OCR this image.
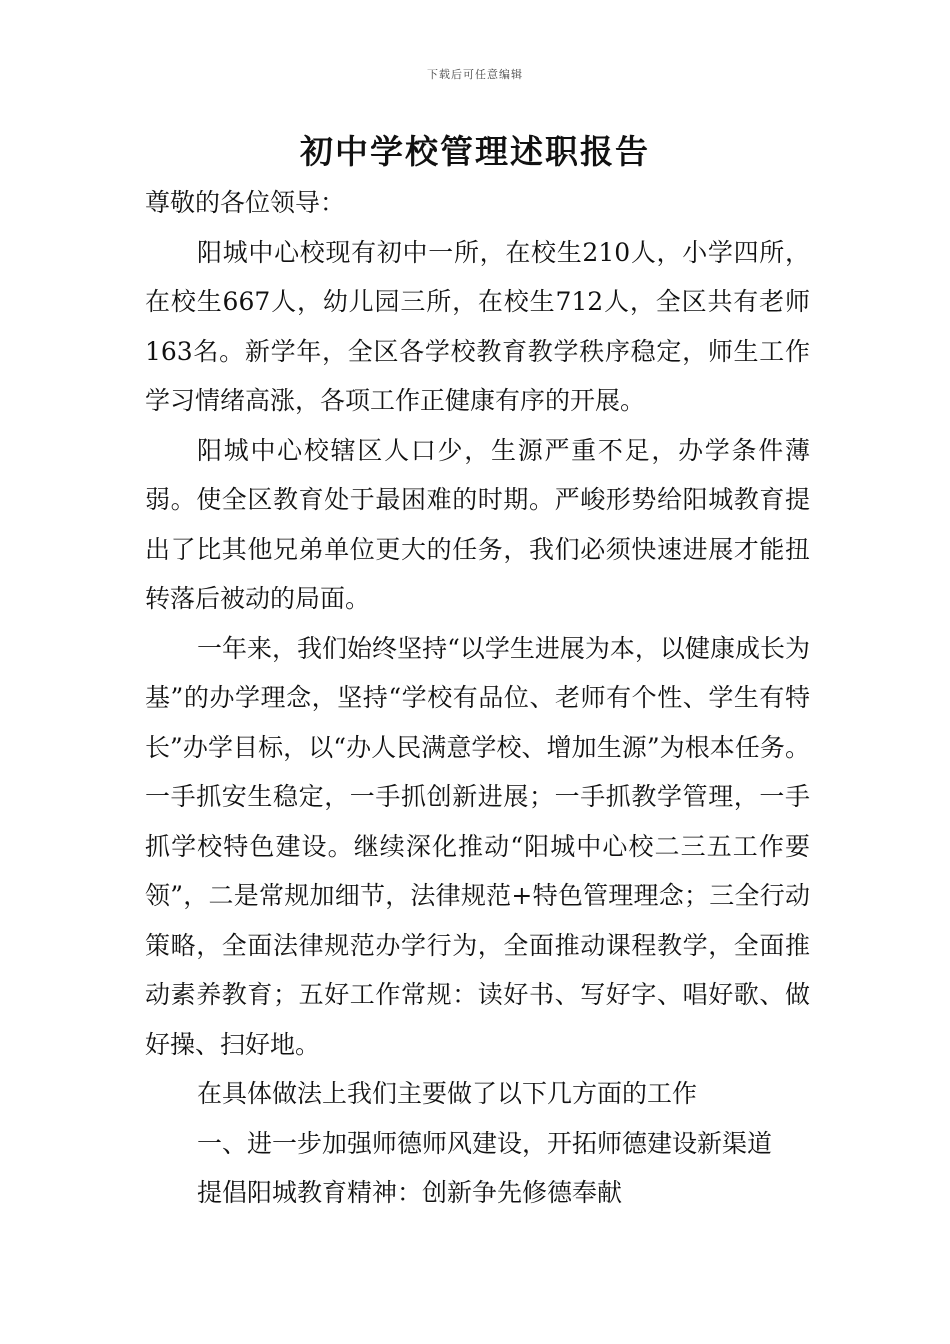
下载后可任意编辑
初中学校管理述职报告

尊敬的各位领导：

阳城中心校现有初中一所，在校生210人，小学四所，在校生667人，幼儿园三所，在校生712人，全区共有老师163名。新学年，全区各学校教育教学秩序稳定，师生工作学习情绪高涨，各项工作正健康有序的开展。

阳城中心校辖区人口少，生源严重不足，办学条件薄弱。使全区教育处于最困难的时期。严峻形势给阳城教育提出了比其他兄弟单位更大的任务，我们必须快速进展才能扭转落后被动的局面。

一年来，我们始终坚持“以学生进展为本，以健康成长为基”的办学理念，坚持“学校有品位、老师有个性、学生有特长”办学目标，以“办人民满意学校、增加生源”为根本任务。一手抓安生稳定，一手抓创新进展；一手抓教学管理，一手抓学校特色建设。继续深化推动“阳城中心校二三五工作要领”，二是常规加细节，法律规范+特色管理理念；三全行动策略，全面法律规范办学行为，全面推动课程教学，全面推动素养教育；五好工作常规：读好书、写好字、唱好歌、做好操、扫好地。

在具体做法上我们主要做了以下几方面的工作

一、进一步加强师德师风建设，开拓师德建设新渠道

提倡阳城教育精神：创新争先修德奉献
